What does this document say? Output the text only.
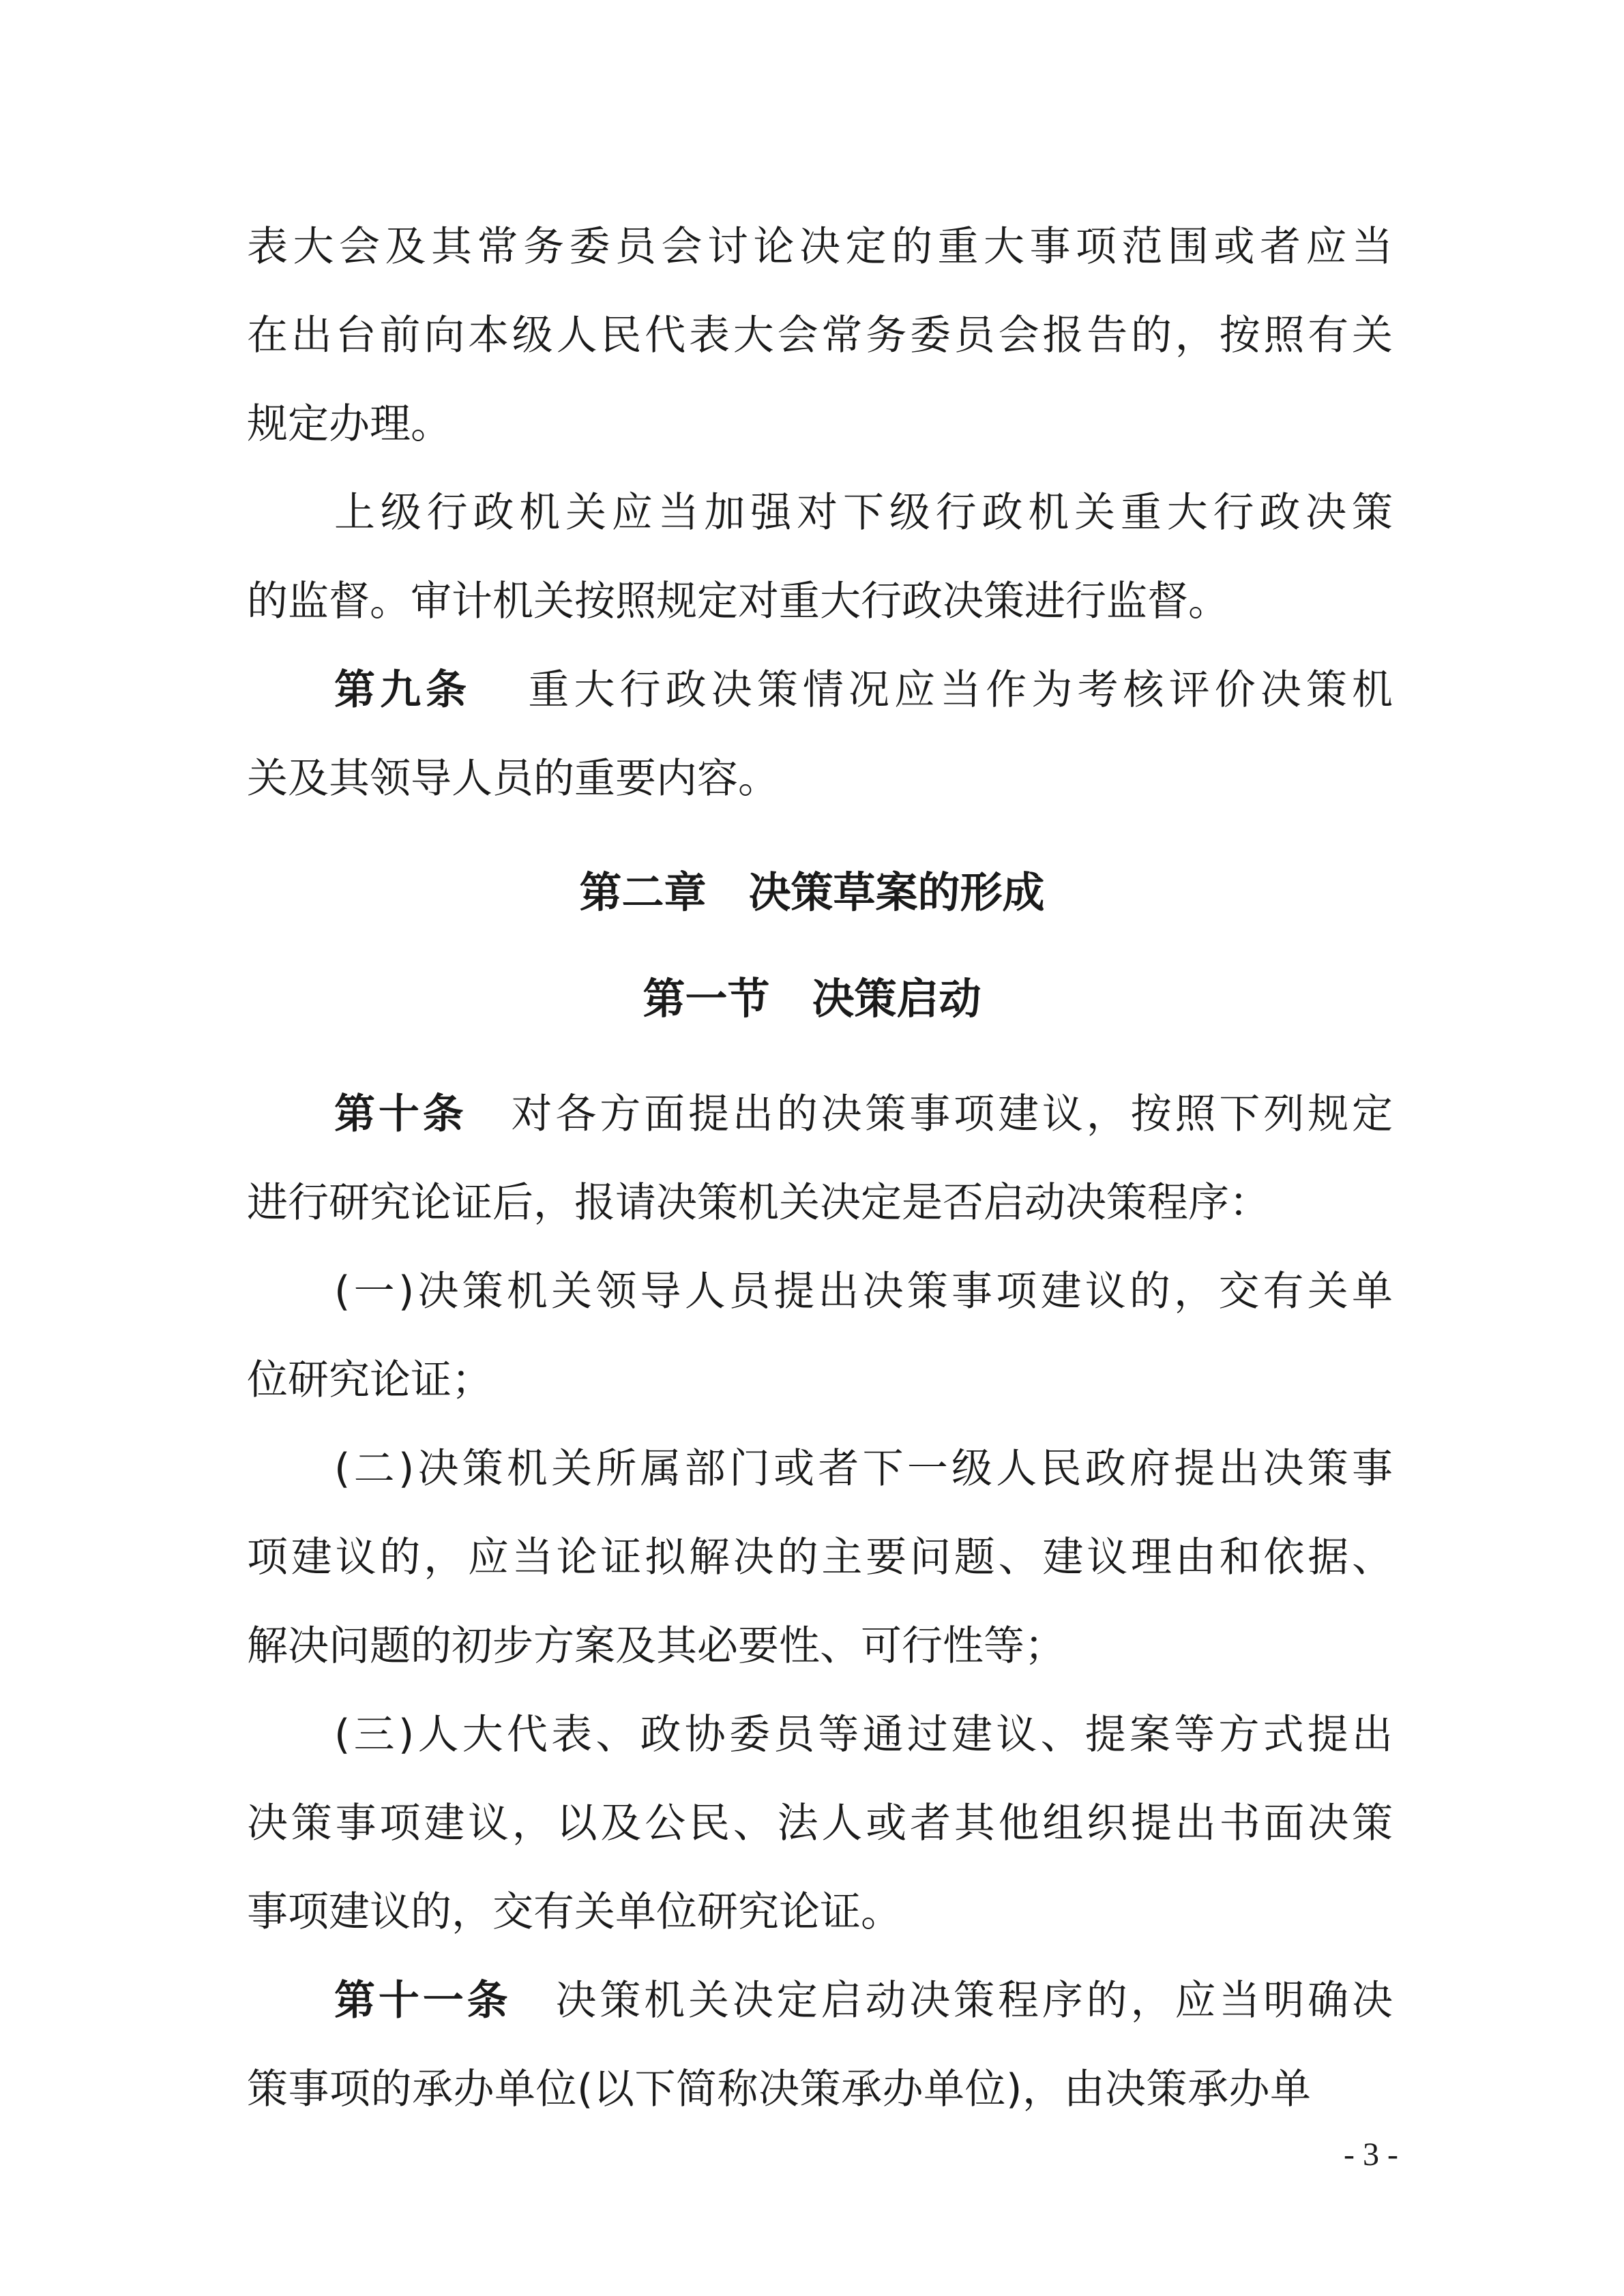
表大会及其常务委员会讨论决定的重大事项范围或者应当
在出台前向本级人民代表大会常务委员会报告的，按照有关
规定办理。
上级行政机关应当加强对下级行政机关重大行政决策
的监督。审计机关按照规定对重大行政决策进行监督。
第九条 重大行政决策情况应当作为考核评价决策机
关及其领导人员的重要内容。
第二章　决策草案的形成
第一节　决策启动
第十条 对各方面提出的决策事项建议，按照下列规定
进行研究论证后，报请决策机关决定是否启动决策程序：
(一)决策机关领导人员提出决策事项建议的，交有关单
位研究论证；
(二)决策机关所属部门或者下一级人民政府提出决策事
项建议的，应当论证拟解决的主要问题、建议理由和依据、
解决问题的初步方案及其必要性、可行性等；
(三)人大代表、政协委员等通过建议、提案等方式提出
决策事项建议，以及公民、法人或者其他组织提出书面决策
事项建议的，交有关单位研究论证。
第十一条 决策机关决定启动决策程序的，应当明确决
策事项的承办单位(以下简称决策承办单位)，由决策承办单
- 3 -
